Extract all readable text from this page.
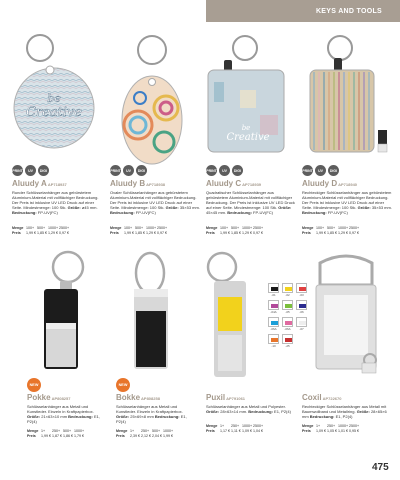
KEYS AND TOOLS
be
Creative
be
Creative
PRINT	UV	DIGI
Aluudy AAP718937
Runder Schlüsselanhänger aus gebürstetem Aluminium-Material mit vollflächiger Bedruckung. Der Preis ist inklusive UV LED Druck auf einer Seite. Mindestmenge: 100 Stk. Größe: ø45 mm. Bedruckung: FP-UV(FC)
Menge 100+ 500+ 1000+ 2500+
Preis	1,99 € 1,85 € 1,29 € 0,97 €
PRINT	UV	DIGI
Aluudy BAP718938
Ovaler Schlüsselanhänger aus gebürstetem Aluminium-Material mit vollflächiger Bedruckung. Der Preis ist inklusive UV LED Druck auf einer Seite. Mindestmenge: 100 Stk. Größe: 35×53 mm. Bedruckung: FP-UV(FC)
Menge 100+ 500+ 1000+ 2500+
Preis	1,99 € 1,85 € 1,29 € 0,97 €
PRINT	UV	DIGI
Aluudy CAP718939
Quadratischer Schlüsselanhänger aus gebürstetem Aluminium-Material mit vollflächiger Bedruckung. Der Preis ist inklusive UV LED Druck auf einer Seite. Mindestmenge: 100 Stk. Größe: 45×45 mm. Bedruckung: FP-UV(FC)
Menge 100+ 500+ 1000+ 2500+
Preis	1,99 € 1,85 € 1,29 € 0,97 €
PRINT	UV	DIGI
Aluudy DAP718940
Rechteckiger Schlüsselanhänger aus gebürstetem Aluminium-Material mit vollflächiger Bedruckung. Der Preis ist inklusive UV LED Druck auf einer Seite. Mindestmenge: 100 Stk. Größe: 35×53 mm. Bedruckung: FP-UV(FC)
Menge 100+ 500+ 1000+ 2500+
Preis	1,99 € 1,85 € 1,29 € 0,97 €
-01	-02	-03
-04A	-05	-06
-06A	-06A	-07
-10	-25
NEW
PokkeAP808257
Schlüsselanhänger aus Metall und Kunstleder. Einzeln in Kraftpapierbox. Größe: 21×63×10 mm Bedruckung: E1, P2(4)
Menge 1+	250+ 500+ 1000+
Preis	1,99 € 1,87 € 1,86 € 1,79 €
NEW
BokkeAP808258
Schlüsselanhänger aus Metall und Kunstleder. Einzeln in Kraftpapierbox. Größe: 25×69×8 mm Bedruckung: E1, P2(4)
Menge 1+	250+ 500+ 1000+
Preis	2,39 € 2,12 € 2,04 € 1,99 €
PuxilAP791061
Schlüsselanhänger aus Metall und Polyester. Größe: 28×63×14 mm. Bedruckung: E1, P2(4)
Menge 1+	250+ 1000+ 2500+
Preis	1,17 € 1,11 € 1,09 € 1,04 €
CoxilAP722670
Rechteckiger Schlüsselanhänger aus Metall mit Baumwollband und Metallring. Größe: 28×65×6 mm Bedruckung: E1, P2(4)
Menge 1+	250+ 1000+ 2500+
Preis	1,09 € 1,05 € 1,01 € 0,95 €
475
